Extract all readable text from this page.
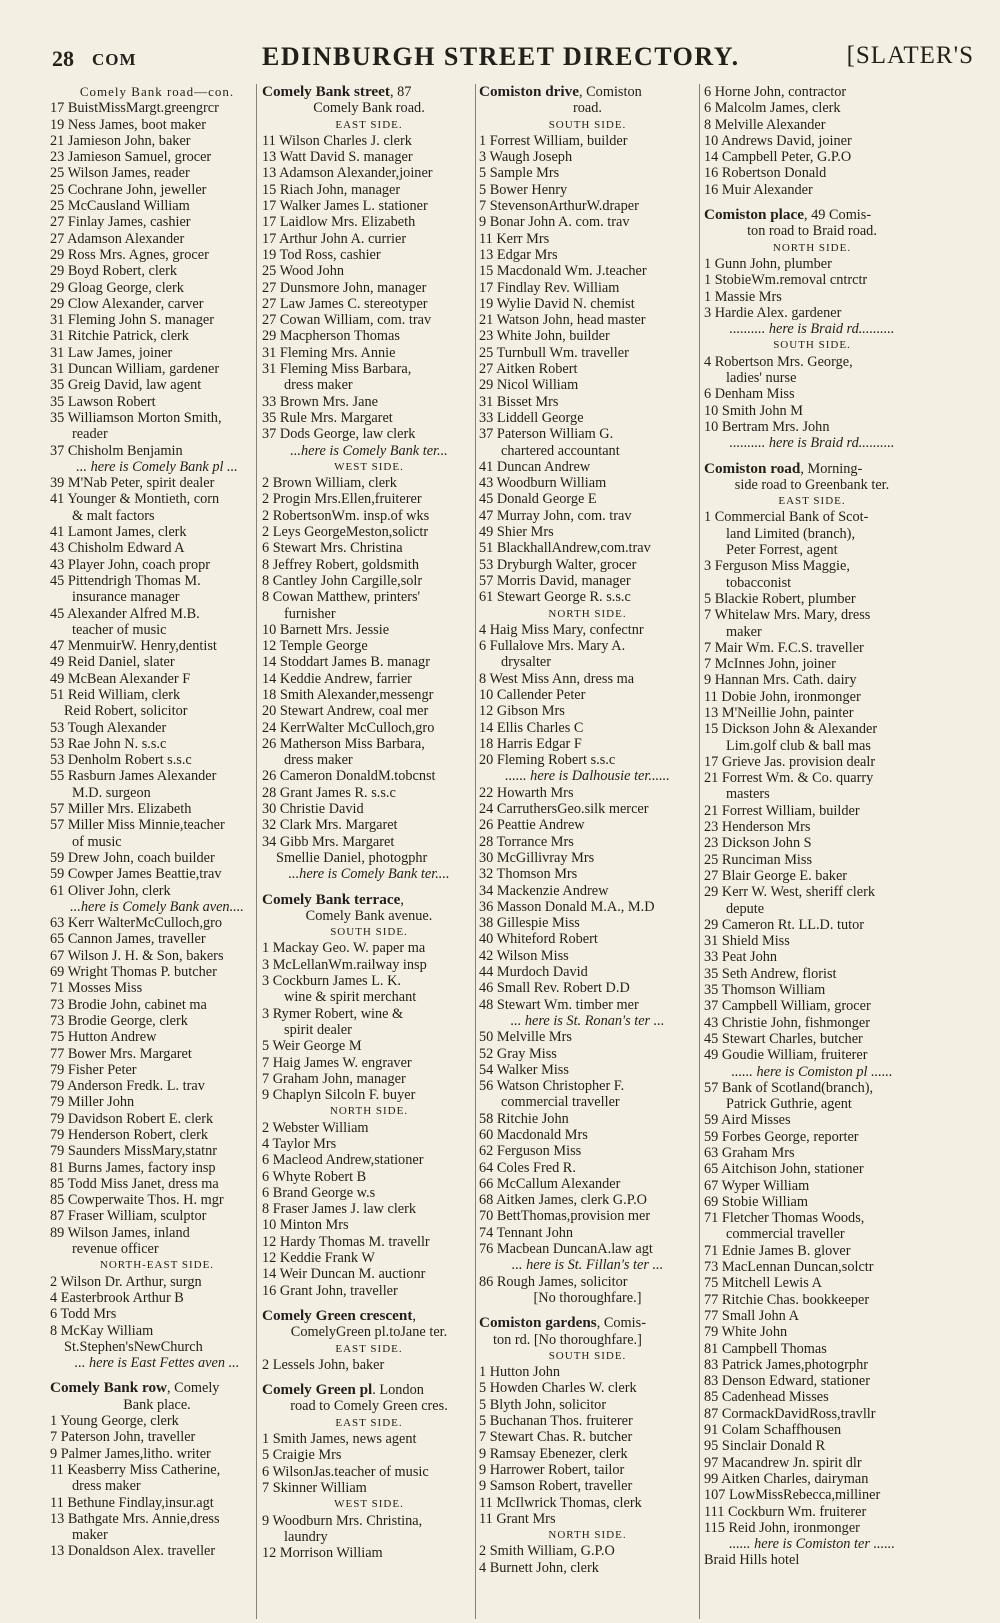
28 COM	EDINBURGH STREET DIRECTORY.	[SLATER'S
Comely Bank road—con.
17 BuistMissMargt.greengrcr
19 Ness James, boot maker
21 Jamieson John, baker
23 Jamieson Samuel, grocer
25 Wilson James, reader
25 Cochrane John, jeweller
25 McCausland William
27 Finlay James, cashier
27 Adamson Alexander
29 Ross Mrs. Agnes, grocer
29 Boyd Robert, clerk
29 Gloag George, clerk
29 Clow Alexander, carver
31 Fleming John S. manager
31 Ritchie Patrick, clerk
31 Law James, joiner
31 Duncan William, gardener
35 Greig David, law agent
35 Lawson Robert
35 Williamson Morton Smith,
reader
37 Chisholm Benjamin
... here is Comely Bank pl ...
39 M'Nab Peter, spirit dealer
41 Younger & Montieth, corn
& malt factors
41 Lamont James, clerk
43 Chisholm Edward A
43 Player John, coach propr
45 Pittendrigh Thomas M.
insurance manager
45 Alexander Alfred M.B.
teacher of music
47 MenmuirW. Henry,dentist
49 Reid Daniel, slater
49 McBean Alexander F
51 Reid William, clerk
Reid Robert, solicitor
53 Tough Alexander
53 Rae John N. s.s.c
53 Denholm Robert s.s.c
55 Rasburn James Alexander
M.D. surgeon
57 Miller Mrs. Elizabeth
57 Miller Miss Minnie,teacher
of music
59 Drew John, coach builder
59 Cowper James Beattie,trav
61 Oliver John, clerk
...here is Comely Bank aven....
63 Kerr WalterMcCulloch,gro
65 Cannon James, traveller
67 Wilson J. H. & Son, bakers
69 Wright Thomas P. butcher
71 Mosses Miss
73 Brodie John, cabinet ma
73 Brodie George, clerk
75 Hutton Andrew
77 Bower Mrs. Margaret
79 Fisher Peter
79 Anderson Fredk. L. trav
79 Miller John
79 Davidson Robert E. clerk
79 Henderson Robert, clerk
79 Saunders MissMary,statnr
81 Burns James, factory insp
85 Todd Miss Janet, dress ma
85 Cowperwaite Thos. H. mgr
87 Fraser William, sculptor
89 Wilson James, inland
revenue officer
NORTH-EAST SIDE.
2 Wilson Dr. Arthur, surgn
4 Easterbrook Arthur B
6 Todd Mrs
8 McKay William
St.Stephen'sNewChurch
... here is East Fettes aven ...
Comely Bank row, Comely
Bank place.
1 Young George, clerk
7 Paterson John, traveller
9 Palmer James,litho. writer
11 Keasberry Miss Catherine,
dress maker
11 Bethune Findlay,insur.agt
13 Bathgate Mrs. Annie,dress
maker
13 Donaldson Alex. traveller
Comely Bank street, 87
Comely Bank road.
EAST SIDE.
11 Wilson Charles J. clerk
13 Watt David S. manager
13 Adamson Alexander,joiner
15 Riach John, manager
17 Walker James L. stationer
17 Laidlow Mrs. Elizabeth
17 Arthur John A. currier
19 Tod Ross, cashier
25 Wood John
27 Dunsmore John, manager
27 Law James C. stereotyper
27 Cowan William, com. trav
29 Macpherson Thomas
31 Fleming Mrs. Annie
31 Fleming Miss Barbara,
dress maker
33 Brown Mrs. Jane
35 Rule Mrs. Margaret
37 Dods George, law clerk
...here is Comely Bank ter...
WEST SIDE.
2 Brown William, clerk
2 Progin Mrs.Ellen,fruiterer
2 RobertsonWm. insp.of wks
2 Leys GeorgeMeston,solictr
6 Stewart Mrs. Christina
8 Jeffrey Robert, goldsmith
8 Cantley John Cargille,solr
8 Cowan Matthew, printers'
furnisher
10 Barnett Mrs. Jessie
12 Temple George
14 Stoddart James B. managr
14 Keddie Andrew, farrier
18 Smith Alexander,messengr
20 Stewart Andrew, coal mer
24 KerrWalter McCulloch,gro
26 Matherson Miss Barbara,
dress maker
26 Cameron DonaldM.tobcnst
28 Grant James R. s.s.c
30 Christie David
32 Clark Mrs. Margaret
34 Gibb Mrs. Margaret
Smellie Daniel, photogphr
...here is Comely Bank ter....
Comely Bank terrace,
Comely Bank avenue.
SOUTH SIDE.
1 Mackay Geo. W. paper ma
3 McLellanWm.railway insp
3 Cockburn James L. K.
wine & spirit merchant
3 Rymer Robert, wine &
spirit dealer
5 Weir George M
7 Haig James W. engraver
7 Graham John, manager
9 Chaplyn Silcoln F. buyer
NORTH SIDE.
2 Webster William
4 Taylor Mrs
6 Macleod Andrew,stationer
6 Whyte Robert B
6 Brand George w.s
8 Fraser James J. law clerk
10 Minton Mrs
12 Hardy Thomas M. travellr
12 Keddie Frank W
14 Weir Duncan M. auctionr
16 Grant John, traveller
Comely Green crescent,
ComelyGreen pl.toJane ter.
EAST SIDE.
2 Lessels John, baker
Comely Green pl. London
road to Comely Green cres.
EAST SIDE.
1 Smith James, news agent
5 Craigie Mrs
6 WilsonJas.teacher of music
7 Skinner William
WEST SIDE.
9 Woodburn Mrs. Christina,
laundry
12 Morrison William
Comiston drive, Comiston
road.
SOUTH SIDE.
1 Forrest William, builder
3 Waugh Joseph
5 Sample Mrs
5 Bower Henry
7 StevensonArthurW.draper
9 Bonar John A. com. trav
11 Kerr Mrs
13 Edgar Mrs
15 Macdonald Wm. J.teacher
17 Findlay Rev. William
19 Wylie David N. chemist
21 Watson John, head master
23 White John, builder
25 Turnbull Wm. traveller
27 Aitken Robert
29 Nicol William
31 Bisset Mrs
33 Liddell George
37 Paterson William G.
chartered accountant
41 Duncan Andrew
43 Woodburn William
45 Donald George E
47 Murray John, com. trav
49 Shier Mrs
51 BlackhallAndrew,com.trav
53 Dryburgh Walter, grocer
57 Morris David, manager
61 Stewart George R. s.s.c
NORTH SIDE.
4 Haig Miss Mary, confectnr
6 Fullalove Mrs. Mary A.
drysalter
8 West Miss Ann, dress ma
10 Callender Peter
12 Gibson Mrs
14 Ellis Charles C
18 Harris Edgar F
20 Fleming Robert s.s.c
...... here is Dalhousie ter......
22 Howarth Mrs
24 CarruthersGeo.silk mercer
26 Peattie Andrew
28 Torrance Mrs
30 McGillivray Mrs
32 Thomson Mrs
34 Mackenzie Andrew
36 Masson Donald M.A., M.D
38 Gillespie Miss
40 Whiteford Robert
42 Wilson Miss
44 Murdoch David
46 Small Rev. Robert D.D
48 Stewart Wm. timber mer
... here is St. Ronan's ter ...
50 Melville Mrs
52 Gray Miss
54 Walker Miss
56 Watson Christopher F.
commercial traveller
58 Ritchie John
60 Macdonald Mrs
62 Ferguson Miss
64 Coles Fred R.
66 McCallum Alexander
68 Aitken James, clerk G.P.O
70 BettThomas,provision mer
74 Tennant John
76 Macbean DuncanA.law agt
... here is St. Fillan's ter ...
86 Rough James, solicitor
[No thoroughfare.]
Comiston gardens, Comis-
ton rd. [No thoroughfare.]
SOUTH SIDE.
1 Hutton John
5 Howden Charles W. clerk
5 Blyth John, solicitor
5 Buchanan Thos. fruiterer
7 Stewart Chas. R. butcher
9 Ramsay Ebenezer, clerk
9 Harrower Robert, tailor
9 Samson Robert, traveller
11 McIlwrick Thomas, clerk
11 Grant Mrs
NORTH SIDE.
2 Smith William, G.P.O
4 Burnett John, clerk
6 Horne John, contractor
6 Malcolm James, clerk
8 Melville Alexander
10 Andrews David, joiner
14 Campbell Peter, G.P.O
16 Robertson Donald
16 Muir Alexander
Comiston place, 49 Comis-
ton road to Braid road.
NORTH SIDE.
1 Gunn John, plumber
1 StobieWm.removal cntrctr
1 Massie Mrs
3 Hardie Alex. gardener
.......... here is Braid rd..........
SOUTH SIDE.
4 Robertson Mrs. George,
ladies' nurse
6 Denham Miss
10 Smith John M
10 Bertram Mrs. John
.......... here is Braid rd..........
Comiston road, Morning-
side road to Greenbank ter.
EAST SIDE.
1 Commercial Bank of Scot-
land Limited (branch),
Peter Forrest, agent
3 Ferguson Miss Maggie,
tobacconist
5 Blackie Robert, plumber
7 Whitelaw Mrs. Mary, dress
maker
7 Mair Wm. F.C.S. traveller
7 McInnes John, joiner
9 Hannan Mrs. Cath. dairy
11 Dobie John, ironmonger
13 M'Neillie John, painter
15 Dickson John & Alexander
Lim.golf club & ball mas
17 Grieve Jas. provision dealr
21 Forrest Wm. & Co. quarry
masters
21 Forrest William, builder
23 Henderson Mrs
23 Dickson John S
25 Runciman Miss
27 Blair George E. baker
29 Kerr W. West, sheriff clerk
depute
29 Cameron Rt. LL.D. tutor
31 Shield Miss
33 Peat John
35 Seth Andrew, florist
35 Thomson William
37 Campbell William, grocer
43 Christie John, fishmonger
45 Stewart Charles, butcher
49 Goudie William, fruiterer
...... here is Comiston pl ......
57 Bank of Scotland(branch),
Patrick Guthrie, agent
59 Aird Misses
59 Forbes George, reporter
63 Graham Mrs
65 Aitchison John, stationer
67 Wyper William
69 Stobie William
71 Fletcher Thomas Woods,
commercial traveller
71 Ednie James B. glover
73 MacLennan Duncan,solctr
75 Mitchell Lewis A
77 Ritchie Chas. bookkeeper
77 Small John A
79 White John
81 Campbell Thomas
83 Patrick James,photogrphr
83 Denson Edward, stationer
85 Cadenhead Misses
87 CormackDavidRoss,travllr
91 Colam Schaffhousen
95 Sinclair Donald R
97 Macandrew Jn. spirit dlr
99 Aitken Charles, dairyman
107 LowMissRebecca,milliner
111 Cockburn Wm. fruiterer
115 Reid John, ironmonger
...... here is Comiston ter ......
Braid Hills hotel
